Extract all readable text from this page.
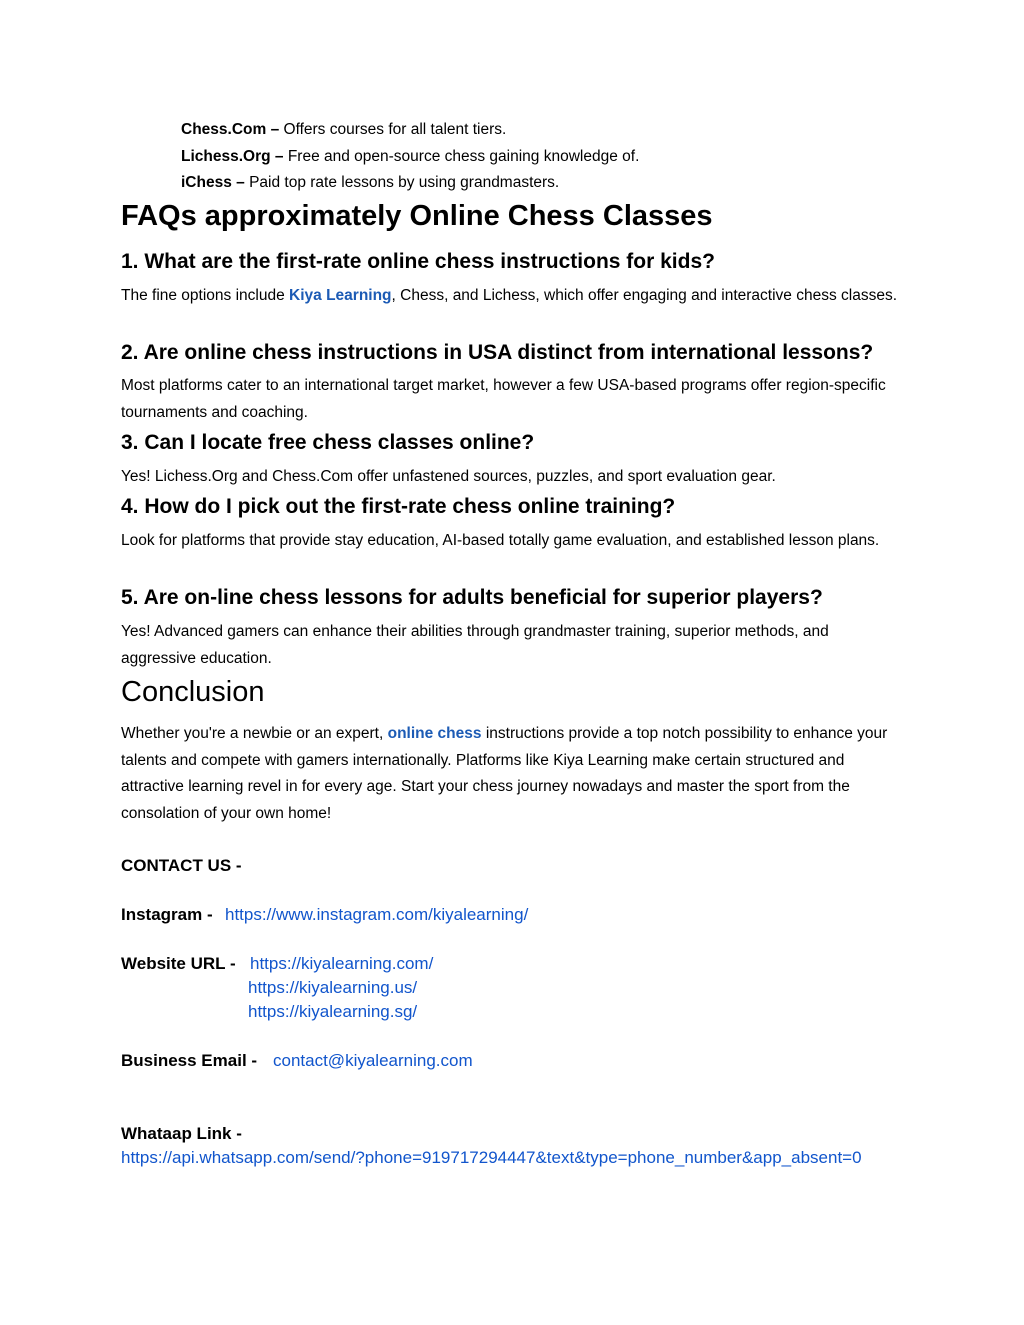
Chess.Com – Offers courses for all talent tiers.
Lichess.Org – Free and open-source chess gaining knowledge of.
iChess – Paid top rate lessons by using grandmasters.
FAQs approximately Online Chess Classes
1. What are the first-rate online chess instructions for kids?

The fine options include Kiya Learning, Chess, and Lichess, which offer engaging and interactive chess classes.

2. Are online chess instructions in USA distinct from international lessons?

Most platforms cater to an international target market, however a few USA-based programs offer region-specific tournaments and coaching.

3. Can I locate free chess classes online?

Yes! Lichess.Org and Chess.Com offer unfastened sources, puzzles, and sport evaluation gear.

4. How do I pick out the first-rate chess online training?

Look for platforms that provide stay education, AI-based totally game evaluation, and established lesson plans.

5. Are on-line chess lessons for adults beneficial for superior players?

Yes! Advanced gamers can enhance their abilities through grandmaster training, superior methods, and aggressive education.

Conclusion

Whether you're a newbie or an expert, online chess instructions provide a top notch possibility to enhance your talents and compete with gamers internationally. Platforms like Kiya Learning make certain structured and attractive learning revel in for every age. Start your chess journey nowadays and master the sport from the consolation of your own home!

CONTACT US -
Instagram - https://www.instagram.com/kiyalearning/
Website URL - https://kiyalearning.com/
https://kiyalearning.us/
https://kiyalearning.sg/
Business Email - contact@kiyalearning.com
Whataap Link -
https://api.whatsapp.com/send/?phone=919717294447&text&type=phone_number&app_absent=0
